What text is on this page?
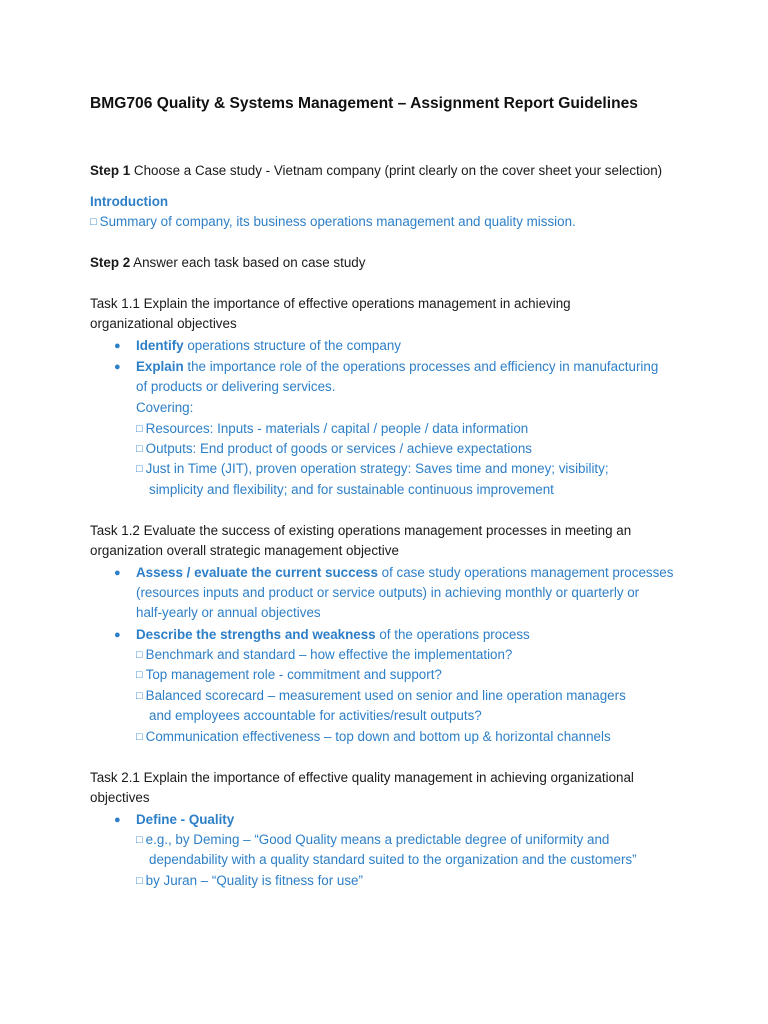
BMG706 Quality & Systems Management – Assignment Report Guidelines
Step 1 Choose a Case study - Vietnam company (print clearly on the cover sheet your selection)
Introduction
□ Summary of company, its business operations management and quality mission.
Step 2 Answer each task based on case study
Task 1.1 Explain the importance of effective operations management in achieving
organizational objectives
● Identify operations structure of the company
● Explain the importance role of the operations processes and efficiency in manufacturing
of products or delivering services.
Covering:
□ Resources: Inputs - materials / capital / people / data information
□ Outputs: End product of goods or services / achieve expectations
□ Just in Time (JIT), proven operation strategy: Saves time and money; visibility;
simplicity and flexibility; and for sustainable continuous improvement
Task 1.2 Evaluate the success of existing operations management processes in meeting an
organization overall strategic management objective
● Assess / evaluate the current success of case study operations management processes
(resources inputs and product or service outputs) in achieving monthly or quarterly or
half-yearly or annual objectives
● Describe the strengths and weakness of the operations process
□ Benchmark and standard – how effective the implementation?
□ Top management role - commitment and support?
□ Balanced scorecard – measurement used on senior and line operation managers
and employees accountable for activities/result outputs?
□ Communication effectiveness – top down and bottom up & horizontal channels
Task 2.1 Explain the importance of effective quality management in achieving organizational
objectives
● Define - Quality
□ e.g., by Deming – “Good Quality means a predictable degree of uniformity and
dependability with a quality standard suited to the organization and the customers”
□ by Juran – “Quality is fitness for use”
